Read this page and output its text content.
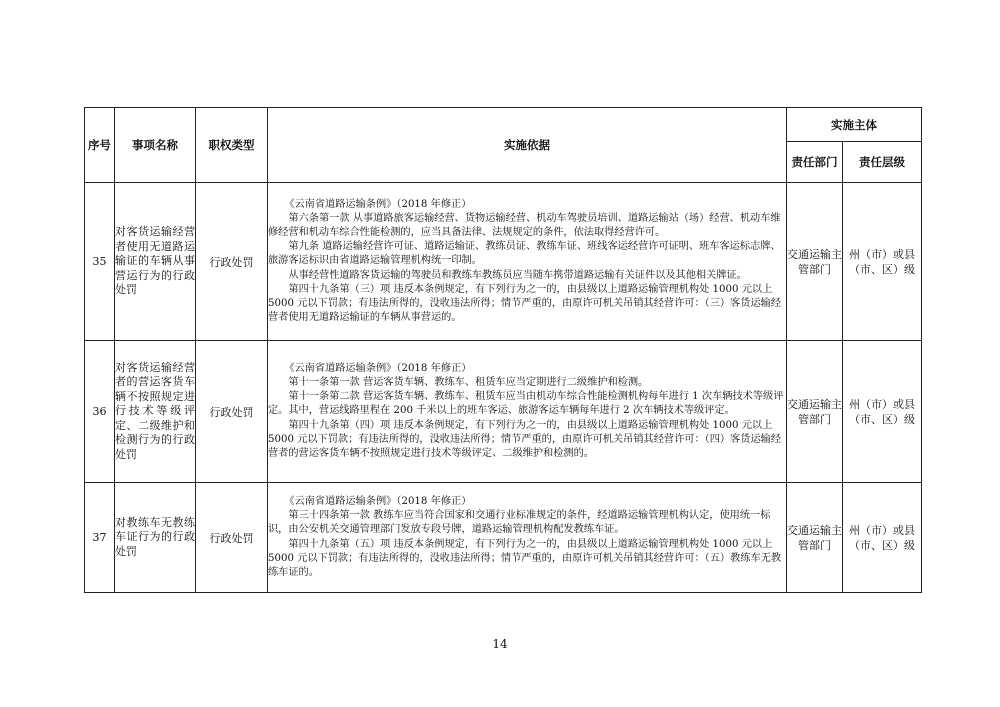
序号	事项名称	职权类型	实施依据	实施主体	
				责任部门	责任层级
35	对客货运输经营者使用无道路运输证的车辆从事营运行为的行政处罚	行政处罚	《云南省道路运输条例》（2018 年修正）

第六条第一款 从事道路旅客运输经营、货物运输经营、机动车驾驶员培训、道路运输站（场）经营、机动车维修经营和机动车综合性能检测的，应当具备法律、法规规定的条件，依法取得经营许可。

第九条 道路运输经营许可证、道路运输证、教练员证、教练车证、班线客运经营许可证明、班车客运标志牌、旅游客运标识由省道路运输管理机构统一印制。

从事经营性道路客货运输的驾驶员和教练车教练员应当随车携带道路运输有关证件以及其他相关牌证。

第四十九条第（三）项 违反本条例规定，有下列行为之一的，由县级以上道路运输管理机构处 1000 元以上 5000 元以下罚款；有违法所得的，没收违法所得；情节严重的，由原许可机关吊销其经营许可：（三）客货运输经营者使用无道路运输证的车辆从事营运的。	交通运输主管部门	州（市）或县（市、区）级
36	对客货运输经营者的营运客货车辆不按照规定进行技术等级评定、二级维护和检测行为的行政处罚	行政处罚	《云南省道路运输条例》（2018 年修正）

第十一条第一款 营运客货车辆、教练车、租赁车应当定期进行二级维护和检测。

第十一条第二款 营运客货车辆、教练车、租赁车应当由机动车综合性能检测机构每年进行 1 次车辆技术等级评定。其中，营运线路里程在 200 千米以上的班车客运、旅游客运车辆每年进行 2 次车辆技术等级评定。

第四十九条第（四）项 违反本条例规定，有下列行为之一的，由县级以上道路运输管理机构处 1000 元以上 5000 元以下罚款；有违法所得的，没收违法所得；情节严重的，由原许可机关吊销其经营许可：（四）客货运输经营者的营运客货车辆不按照规定进行技术等级评定、二级维护和检测的。	交通运输主管部门	州（市）或县（市、区）级
37	对教练车无教练车证行为的行政处罚	行政处罚	《云南省道路运输条例》（2018 年修正）

第三十四条第一款 教练车应当符合国家和交通行业标准规定的条件，经道路运输管理机构认定，使用统一标识，由公安机关交通管理部门发放专段号牌，道路运输管理机构配发教练车证。

第四十九条第（五）项 违反本条例规定，有下列行为之一的，由县级以上道路运输管理机构处 1000 元以上 5000 元以下罚款；有违法所得的，没收违法所得；情节严重的，由原许可机关吊销其经营许可：（五）教练车无教练车证的。	交通运输主管部门	州（市）或县（市、区）级
14
